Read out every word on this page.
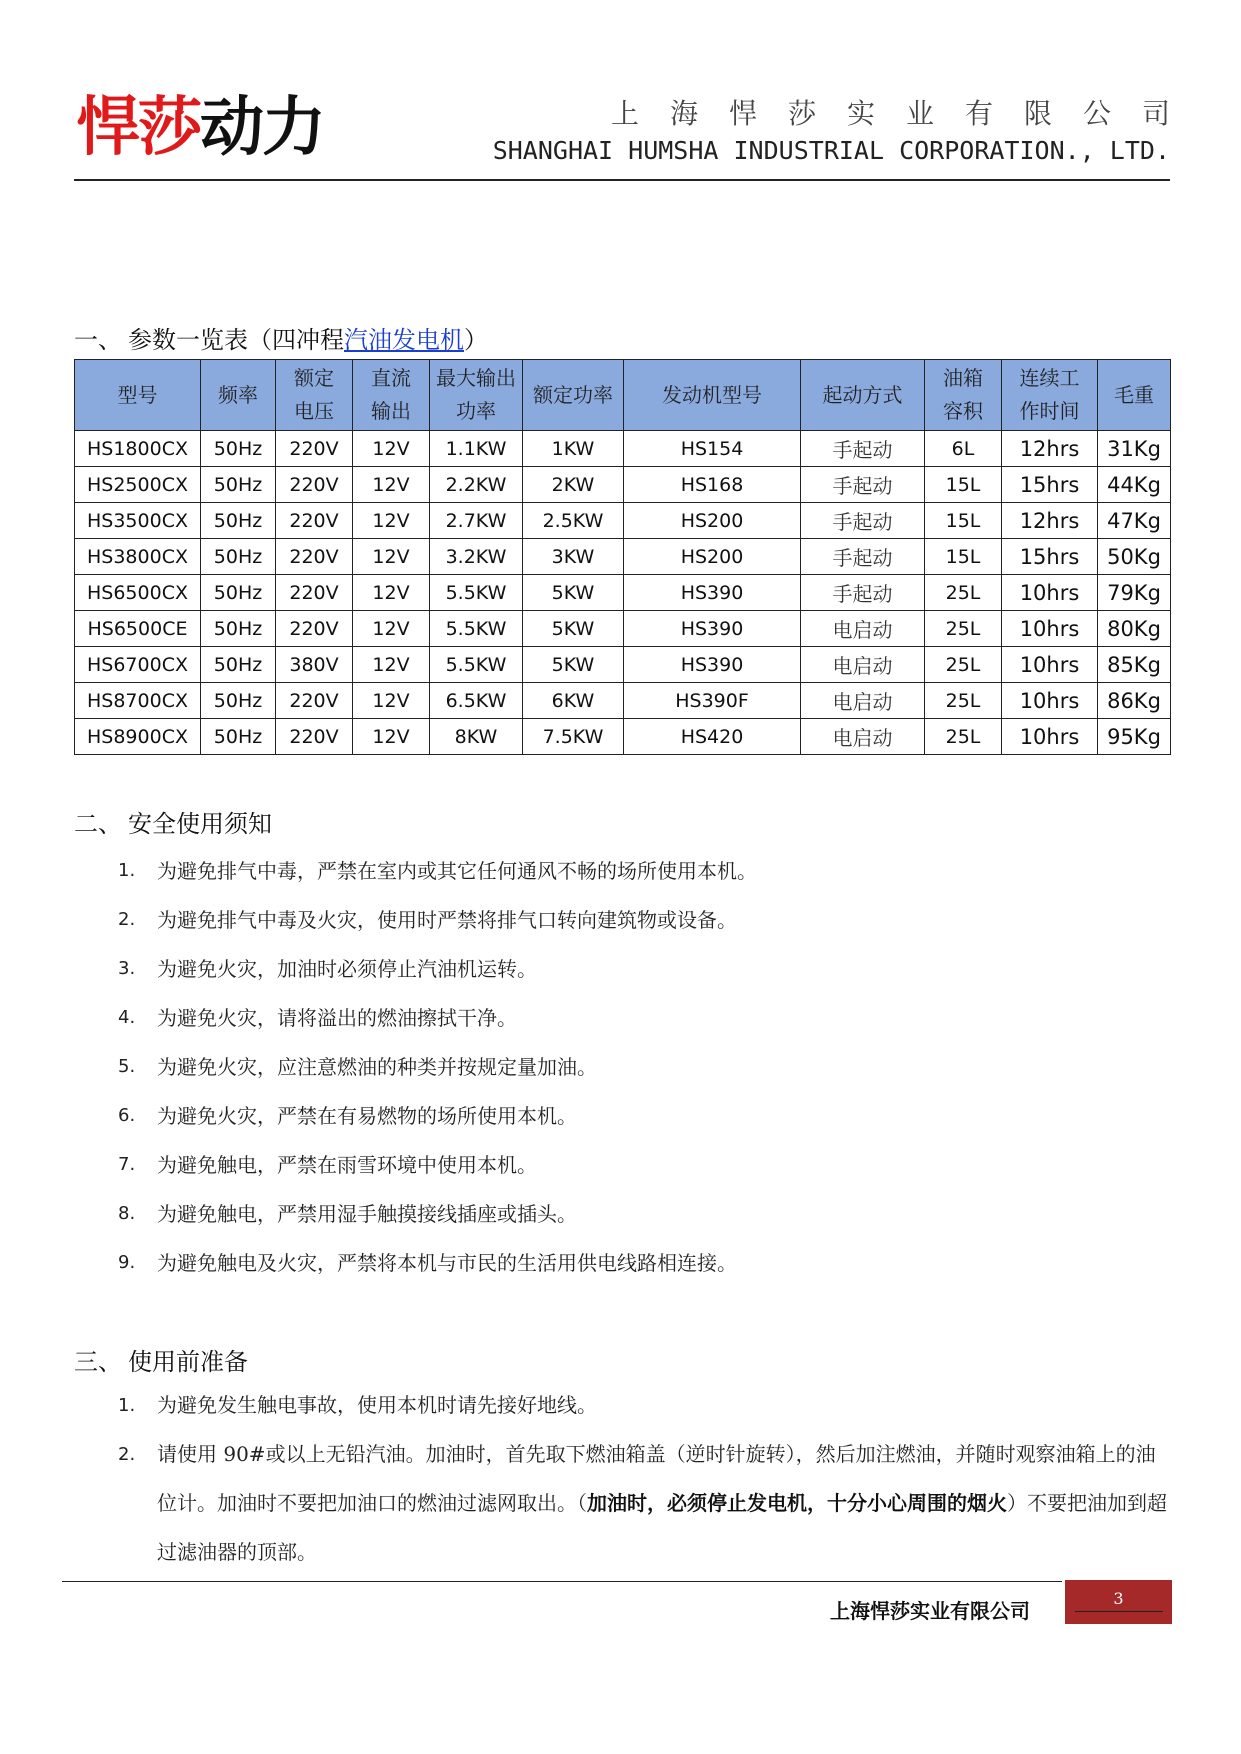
悍莎动力	上海悍莎实业有限公司
SHANGHAI HUMSHA INDUSTRIAL CORPORATION., LTD.
一、 参数一览表（四冲程汽油发电机）
型号	频率	额定电压	直流输出	最大输出功率	额定功率	发动机型号	起动方式	油箱容积	连续工作时间	毛重
HS1800CX	50Hz	220V	12V	1.1KW	1KW	HS154	手起动	6L	12hrs	31Kg
HS2500CX	50Hz	220V	12V	2.2KW	2KW	HS168	手起动	15L	15hrs	44Kg
HS3500CX	50Hz	220V	12V	2.7KW	2.5KW	HS200	手起动	15L	12hrs	47Kg
HS3800CX	50Hz	220V	12V	3.2KW	3KW	HS200	手起动	15L	15hrs	50Kg
HS6500CX	50Hz	220V	12V	5.5KW	5KW	HS390	手起动	25L	10hrs	79Kg
HS6500CE	50Hz	220V	12V	5.5KW	5KW	HS390	电启动	25L	10hrs	80Kg
HS6700CX	50Hz	380V	12V	5.5KW	5KW	HS390	电启动	25L	10hrs	85Kg
HS8700CX	50Hz	220V	12V	6.5KW	6KW	HS390F	电启动	25L	10hrs	86Kg
HS8900CX	50Hz	220V	12V	8KW	7.5KW	HS420	电启动	25L	10hrs	95Kg
二、 安全使用须知
1. 为避免排气中毒，严禁在室内或其它任何通风不畅的场所使用本机。
2. 为避免排气中毒及火灾，使用时严禁将排气口转向建筑物或设备。
3. 为避免火灾，加油时必须停止汽油机运转。
4. 为避免火灾，请将溢出的燃油擦拭干净。
5. 为避免火灾，应注意燃油的种类并按规定量加油。
6. 为避免火灾，严禁在有易燃物的场所使用本机。
7. 为避免触电，严禁在雨雪环境中使用本机。
8. 为避免触电，严禁用湿手触摸接线插座或插头。
9. 为避免触电及火灾，严禁将本机与市民的生活用供电线路相连接。
三、 使用前准备
1. 为避免发生触电事故，使用本机时请先接好地线。
2. 请使用 90#或以上无铅汽油。加油时，首先取下燃油箱盖（逆时针旋转），然后加注燃油，并随时观察油箱上的油位计。加油时不要把加油口的燃油过滤网取出。（加油时，必须停止发电机，十分小心周围的烟火）不要把油加到超过滤油器的顶部。
上海悍莎实业有限公司
3
